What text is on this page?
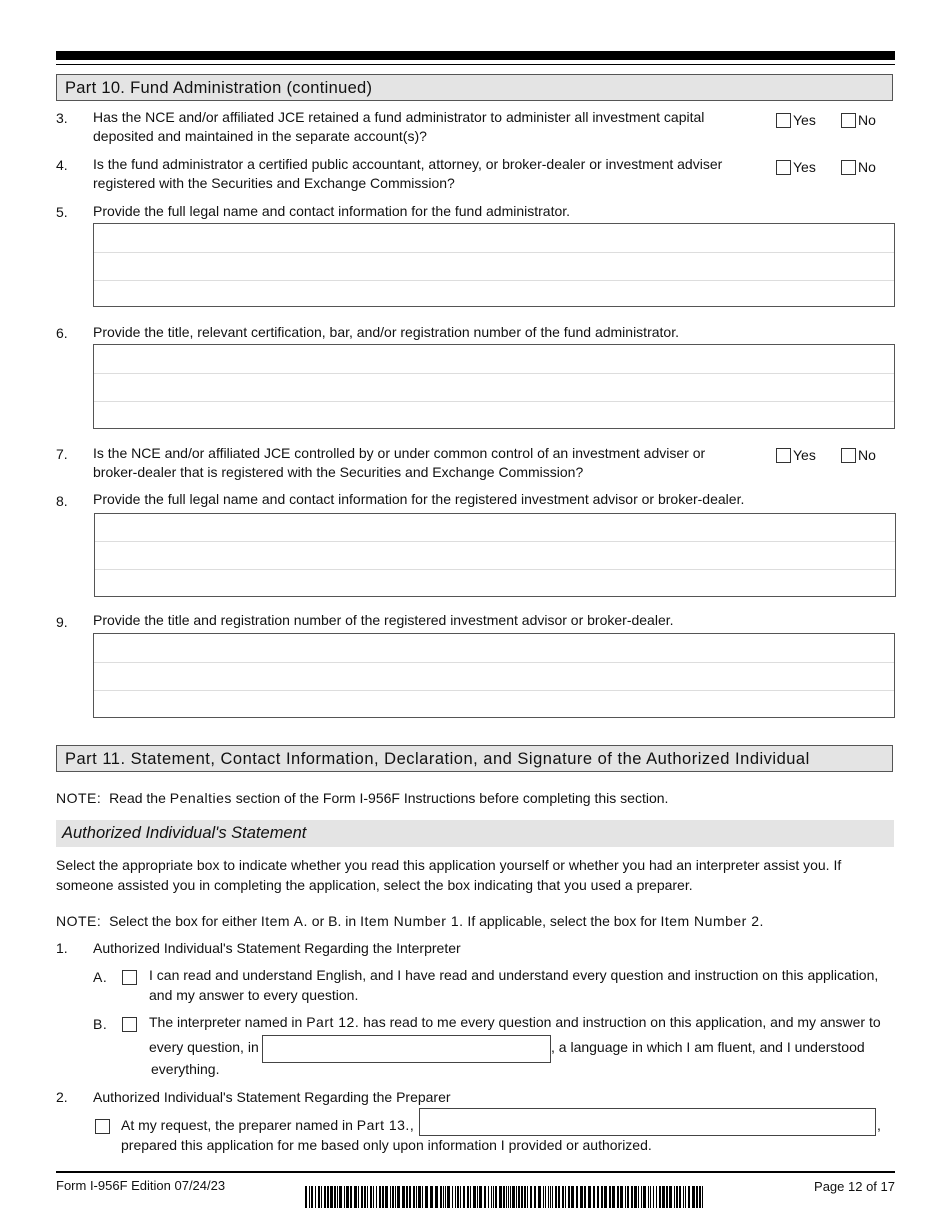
Part 10. Fund Administration (continued)
3. Has the NCE and/or affiliated JCE retained a fund administrator to administer all investment capital deposited and maintained in the separate account(s)?
Yes	No
4. Is the fund administrator a certified public accountant, attorney, or broker-dealer or investment adviser registered with the Securities and Exchange Commission?
Yes	No
5. Provide the full legal name and contact information for the fund administrator.
6. Provide the title, relevant certification, bar, and/or registration number of the fund administrator.
7. Is the NCE and/or affiliated JCE controlled by or under common control of an investment adviser or broker-dealer that is registered with the Securities and Exchange Commission?
Yes	No
8. Provide the full legal name and contact information for the registered investment advisor or broker-dealer.
9. Provide the title and registration number of the registered investment advisor or broker-dealer.
Part 11. Statement, Contact Information, Declaration, and Signature of the Authorized Individual
NOTE: Read the Penalties section of the Form I-956F Instructions before completing this section.
Authorized Individual's Statement
Select the appropriate box to indicate whether you read this application yourself or whether you had an interpreter assist you. If someone assisted you in completing the application, select the box indicating that you used a preparer.
NOTE: Select the box for either Item A. or B. in Item Number 1. If applicable, select the box for Item Number 2.
1. Authorized Individual's Statement Regarding the Interpreter
A.	I can read and understand English, and I have read and understand every question and instruction on this application, and my answer to every question.
B.	The interpreter named in Part 12. has read to me every question and instruction on this application, and my answer to
every question, in	, a language in which I am fluent, and I understood
everything.
2. Authorized Individual's Statement Regarding the Preparer
At my request, the preparer named in Part 13.,	,
prepared this application for me based only upon information I provided or authorized.
Form I-956F Edition 07/24/23	Page 12 of 17
